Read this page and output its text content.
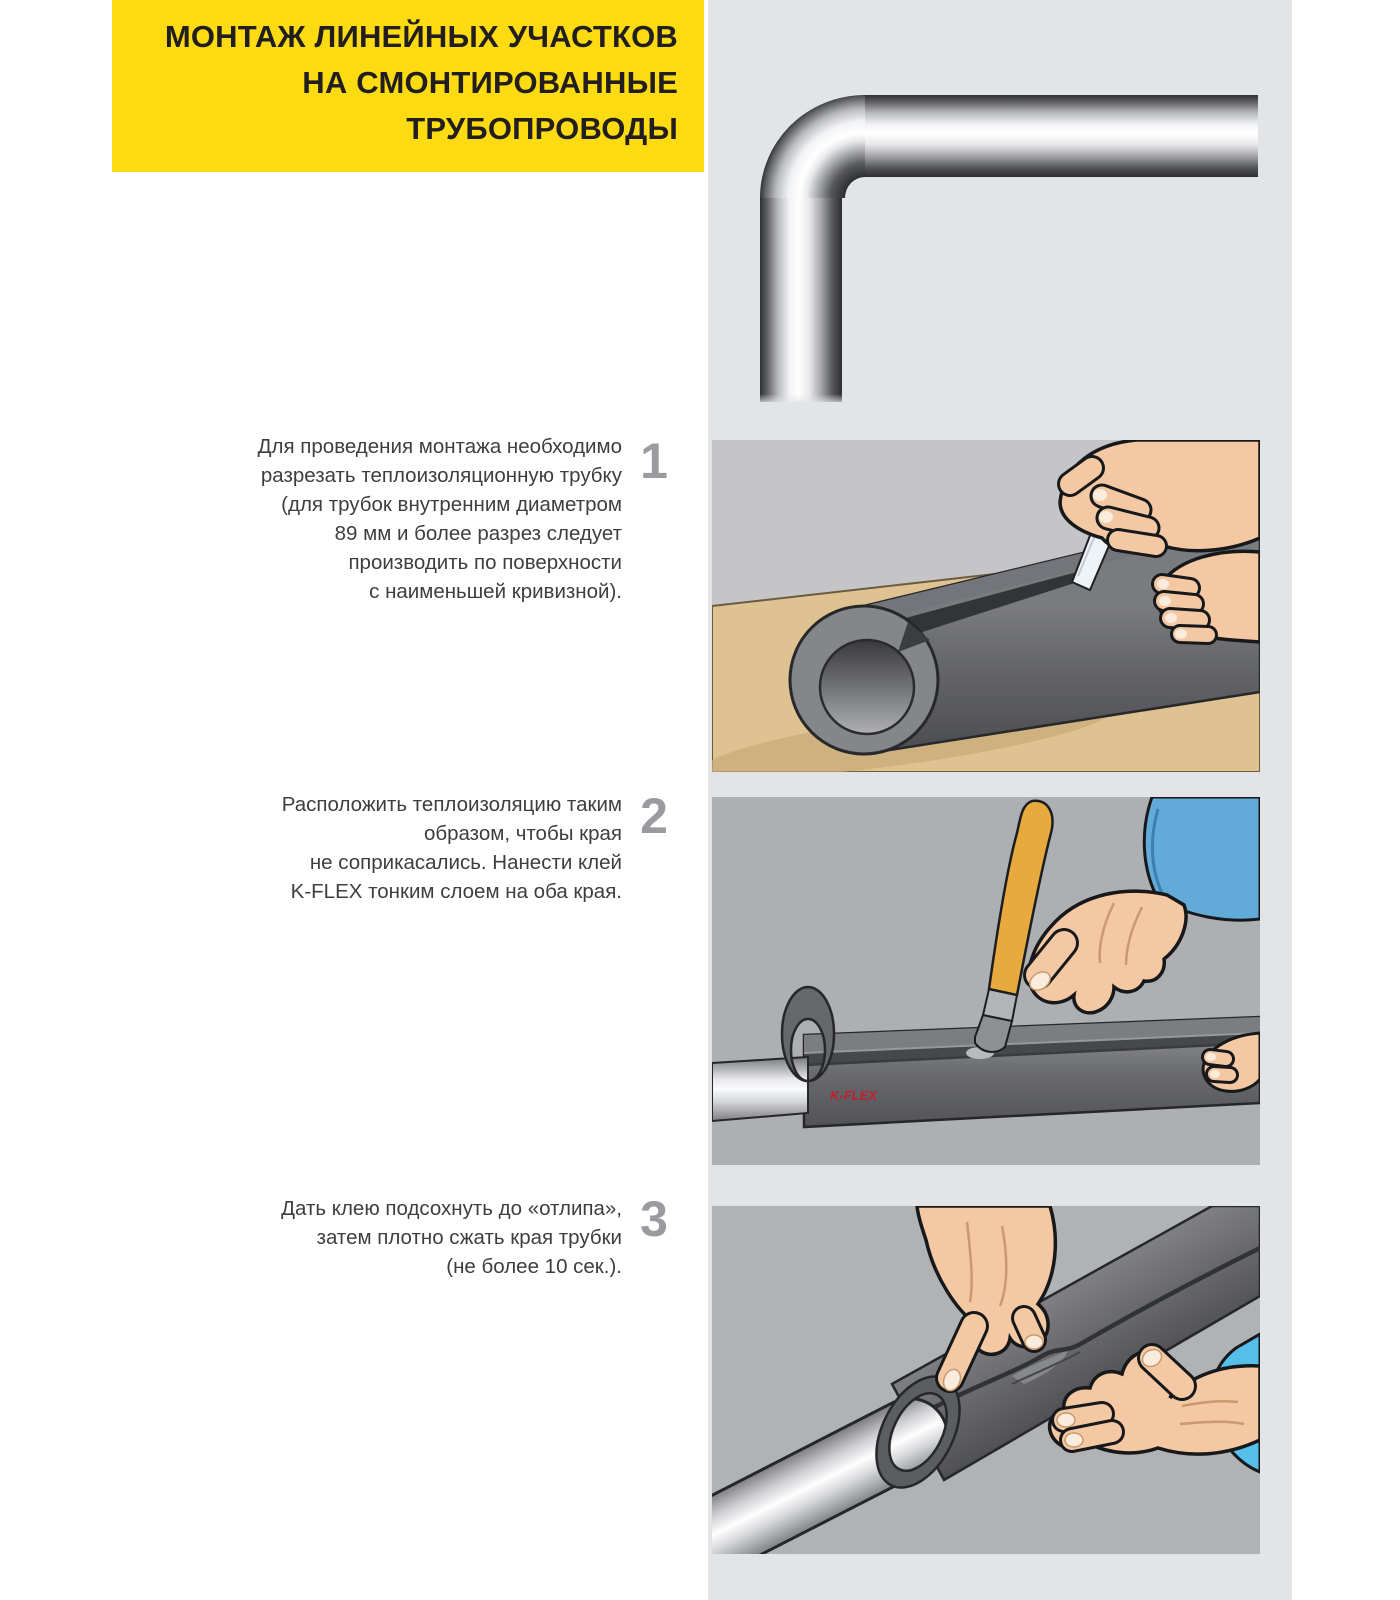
МОНТАЖ ЛИНЕЙНЫХ УЧАСТКОВ
НА СМОНТИРОВАННЫЕ
ТРУБОПРОВОДЫ
Для проведения монтажа необходимо
разрезать теплоизоляционную трубку
(для трубок внутренним диаметром
89 мм и более разрез следует
производить по поверхности
с наименьшей кривизной).
1
Расположить теплоизоляцию таким
образом, чтобы края
не соприкасались. Нанести клей
K-FLEX тонким слоем на оба края.
2
Дать клею подсохнуть до «отлипа»,
затем плотно сжать края трубки
(не более 10 сек.).
3
K-FLEX
